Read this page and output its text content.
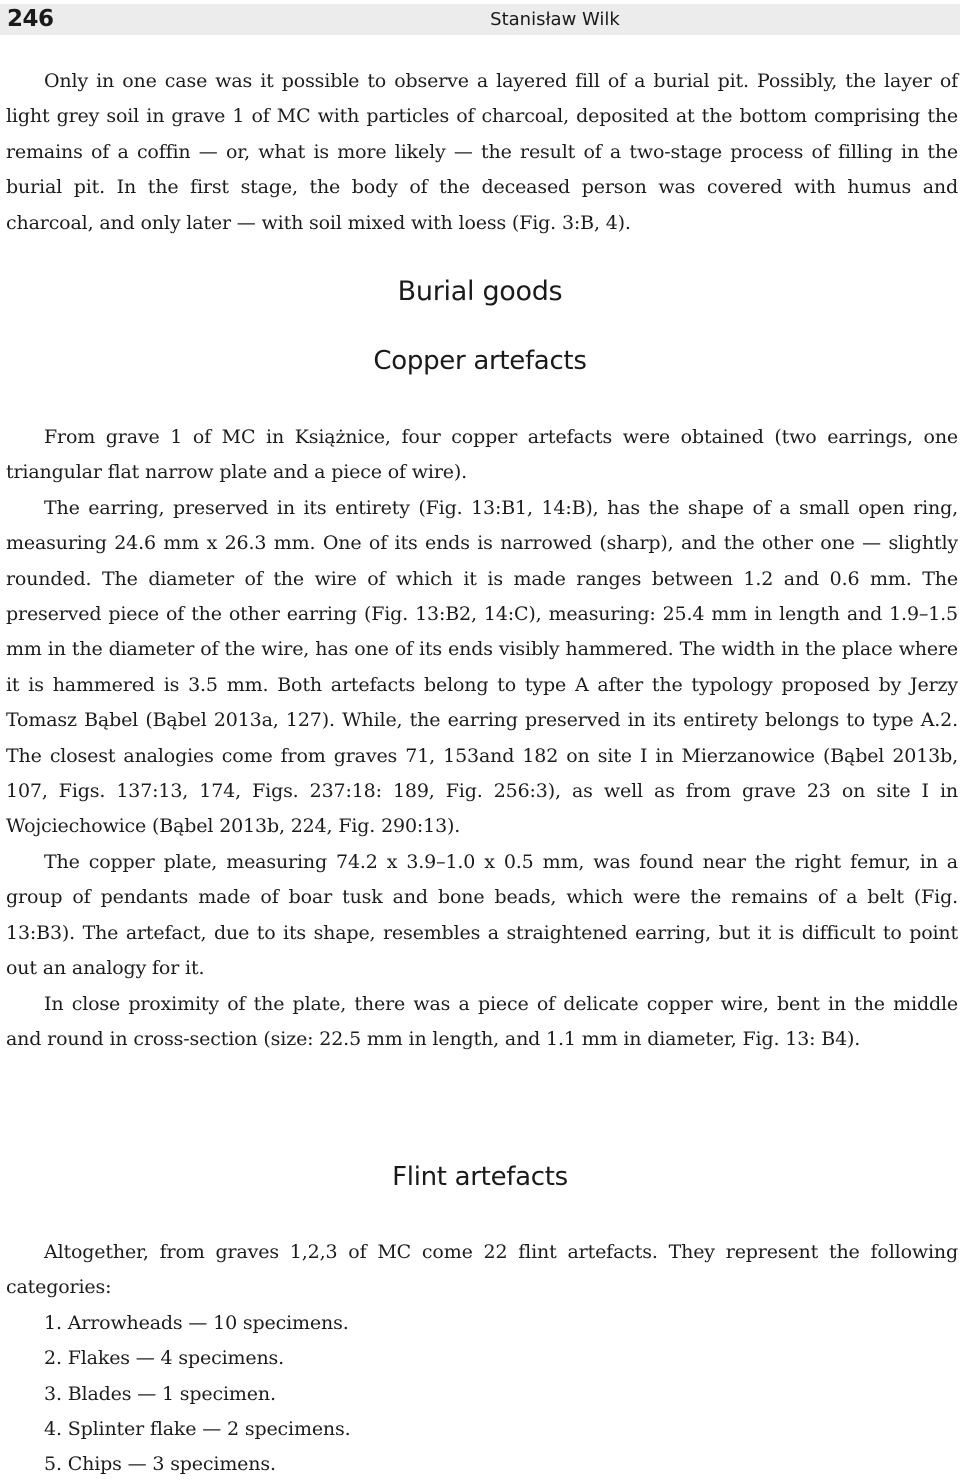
246	Stanisław Wilk

Only in one case was it possible to observe a layered fill of a burial pit. Possibly, the layer of light grey soil in grave 1 of MC with particles of charcoal, deposited at the bottom comprising the remains of a coffin — or, what is more likely — the result of a two-stage process of filling in the burial pit. In the first stage, the body of the deceased person was covered with humus and charcoal, and only later — with soil mixed with loess (Fig. 3:B, 4).

Burial goods
Copper artefacts

From grave 1 of MC in Książnice, four copper artefacts were obtained (two earrings, one triangular flat narrow plate and a piece of wire).

The earring, preserved in its entirety (Fig. 13:B1, 14:B), has the shape of a small open ring, measuring 24.6 mm x 26.3 mm. One of its ends is narrowed (sharp), and the other one — slightly rounded. The diameter of the wire of which it is made ranges between 1.2 and 0.6 mm. The preserved piece of the other earring (Fig. 13:B2, 14:C), measuring: 25.4 mm in length and 1.9–1.5 mm in the diameter of the wire, has one of its ends visibly hammered. The width in the place where it is hammered is 3.5 mm. Both artefacts belong to type A after the typology proposed by Jerzy Tomasz Bąbel (Bąbel 2013a, 127). While, the earring preserved in its entirety belongs to type A.2. The closest analogies come from graves 71, 153and 182 on site I in Mierzanowice (Bąbel 2013b, 107, Figs. 137:13, 174, Figs. 237:18: 189, Fig. 256:3), as well as from grave 23 on site I in Wojciechowice (Bąbel 2013b, 224, Fig. 290:13).

The copper plate, measuring 74.2 x 3.9–1.0 x 0.5 mm, was found near the right femur, in a group of pendants made of boar tusk and bone beads, which were the remains of a belt (Fig. 13:B3). The artefact, due to its shape, resembles a straightened earring, but it is difficult to point out an analogy for it.

In close proximity of the plate, there was a piece of delicate copper wire, bent in the middle and round in cross-section (size: 22.5 mm in length, and 1.1 mm in diameter, Fig. 13: B4).

Flint artefacts

Altogether, from graves 1,2,3 of MC come 22 flint artefacts. They represent the following categories:

1. Arrowheads — 10 specimens.
2. Flakes — 4 specimens.
3. Blades — 1 specimen.
4. Splinter flake — 2 specimens.
5. Chips — 3 specimens.
